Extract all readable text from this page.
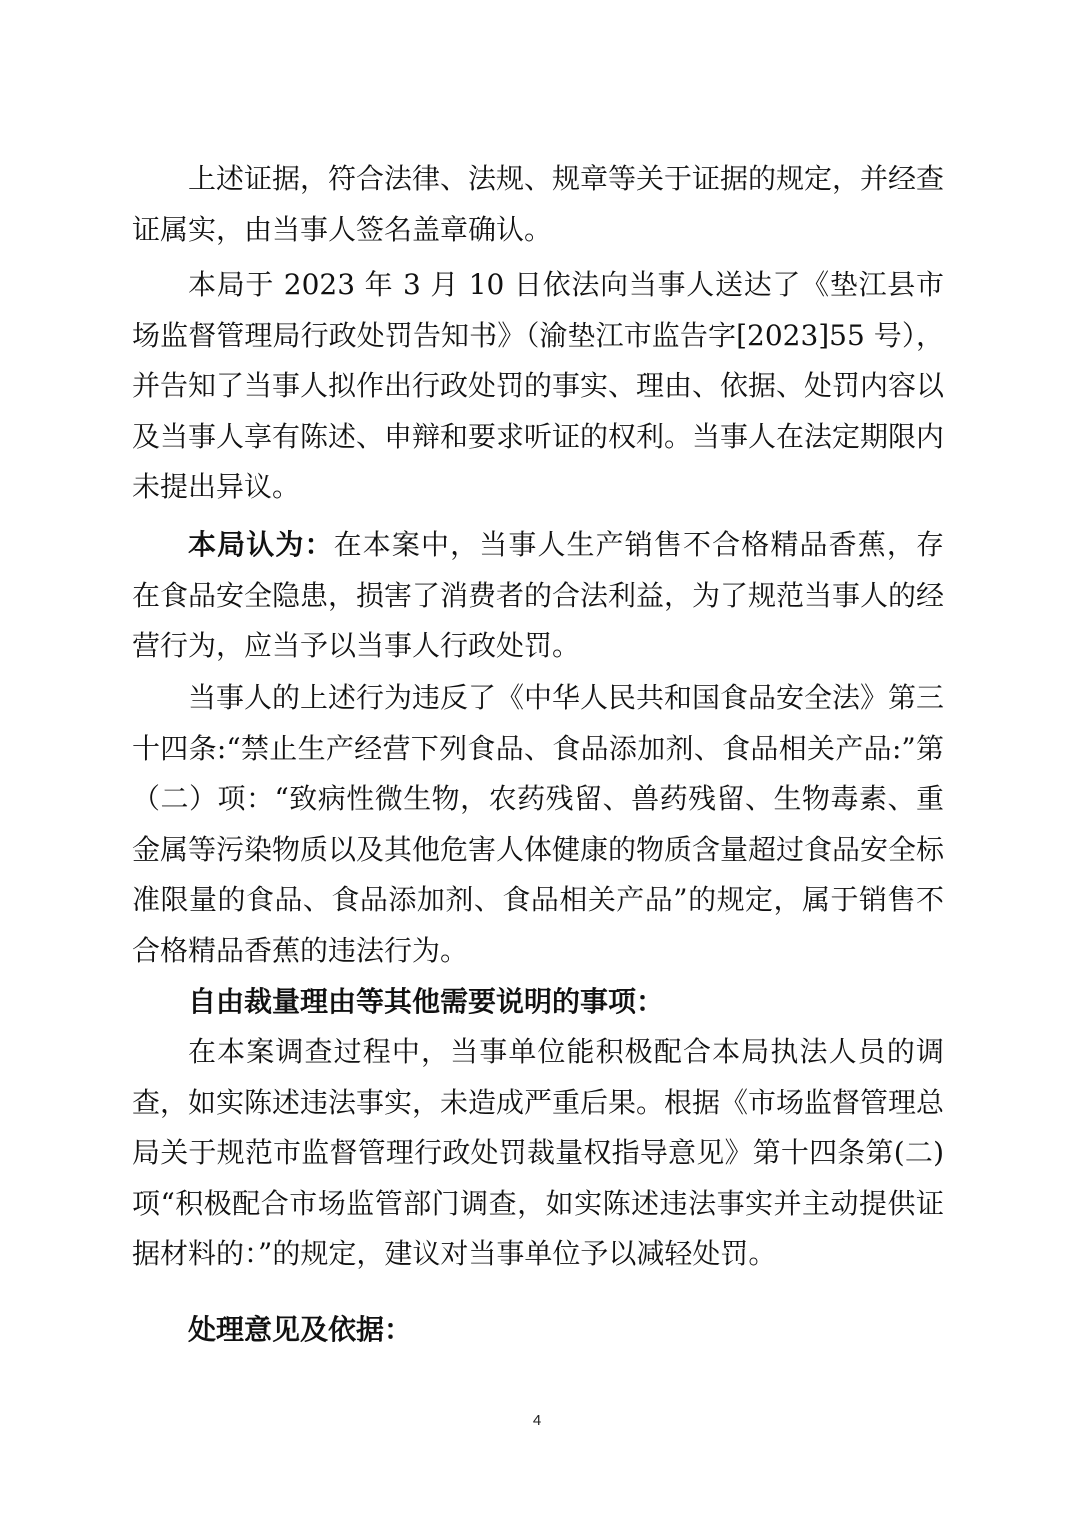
上述证据，符合法律、法规、规章等关于证据的规定，并经查证属实，由当事人签名盖章确认。

本局于 2023 年 3 月 10 日依法向当事人送达了《垫江县市场监督管理局行政处罚告知书》（渝垫江市监告字[2023]55 号），并告知了当事人拟作出行政处罚的事实、理由、依据、处罚内容以及当事人享有陈述、申辩和要求听证的权利。当事人在法定期限内未提出异议。

本局认为：在本案中，当事人生产销售不合格精品香蕉，存在食品安全隐患，损害了消费者的合法利益，为了规范当事人的经营行为，应当予以当事人行政处罚。

当事人的上述行为违反了《中华人民共和国食品安全法》第三十四条:“禁止生产经营下列食品、食品添加剂、食品相关产品:”第（二）项：“致病性微生物，农药残留、兽药残留、生物毒素、重金属等污染物质以及其他危害人体健康的物质含量超过食品安全标准限量的食品、食品添加剂、食品相关产品”的规定，属于销售不合格精品香蕉的违法行为。

自由裁量理由等其他需要说明的事项：

在本案调查过程中，当事单位能积极配合本局执法人员的调查，如实陈述违法事实，未造成严重后果。根据《市场监督管理总局关于规范市监督管理行政处罚裁量权指导意见》第十四条第(二)项“积极配合市场监管部门调查，如实陈述违法事实并主动提供证据材料的：”的规定，建议对当事单位予以减轻处罚。

处理意见及依据：

4
